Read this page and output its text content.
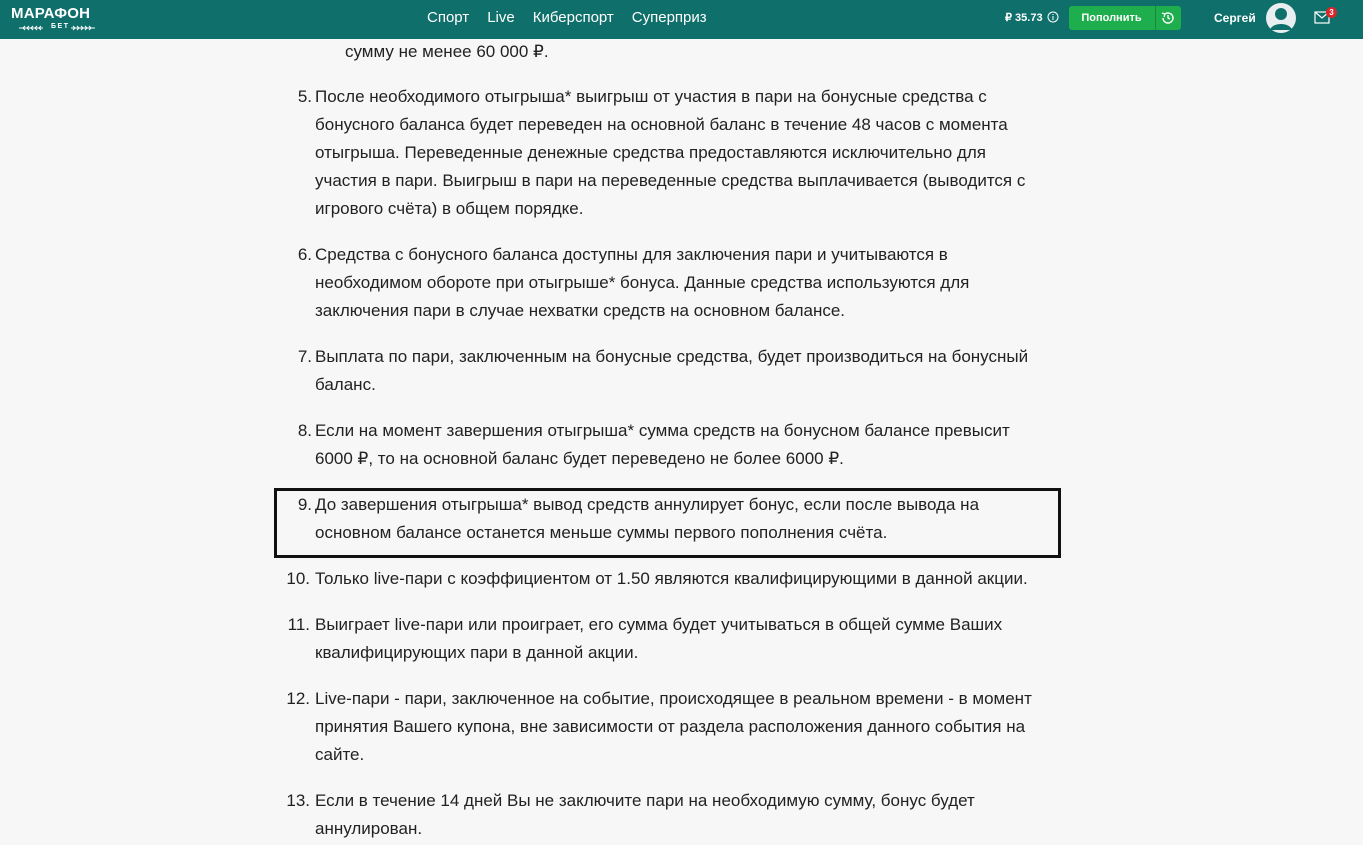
МАРАФОН
БЕТ
Спорт Live Киберспорт Суперприз	₽ 35.73	Пополнить	Сергей	3
сумму не менее 60 000 ₽.
5. После необходимого отыгрыша* выигрыш от участия в пари на бонусные средства с
бонусного баланса будет переведен на основной баланс в течение 48 часов с момента
отыгрыша. Переведенные денежные средства предоставляются исключительно для
участия в пари. Выигрыш в пари на переведенные средства выплачивается (выводится с
игрового счёта) в общем порядке.
6. Средства с бонусного баланса доступны для заключения пари и учитываются в
необходимом обороте при отыгрыше* бонуса. Данные средства используются для
заключения пари в случае нехватки средств на основном балансе.
7. Выплата по пари, заключенным на бонусные средства, будет производиться на бонусный
баланс.
8. Если на момент завершения отыгрыша* сумма средств на бонусном балансе превысит
6000 ₽, то на основной баланс будет переведено не более 6000 ₽.
9. До завершения отыгрыша* вывод средств аннулирует бонус, если после вывода на
основном балансе останется меньше суммы первого пополнения счёта.
10. Только live-пари с коэффициентом от 1.50 являются квалифицирующими в данной акции.
11. Выиграет live-пари или проиграет, его сумма будет учитываться в общей сумме Ваших
квалифицирующих пари в данной акции.
12. Live-пари - пари, заключенное на событие, происходящее в реальном времени - в момент
принятия Вашего купона, вне зависимости от раздела расположения данного события на
сайте.
13. Если в течение 14 дней Вы не заключите пари на необходимую сумму, бонус будет
аннулирован.
